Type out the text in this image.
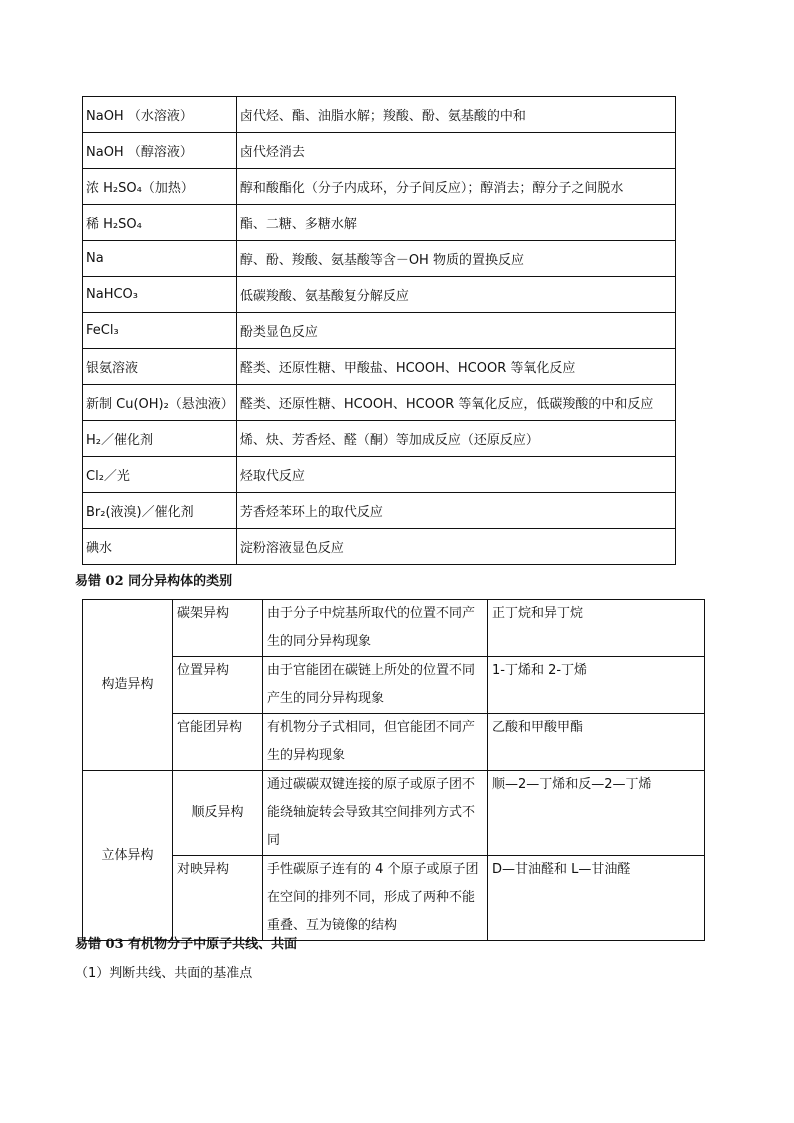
NaOH （水溶液）	卤代烃、酯、油脂水解；羧酸、酚、氨基酸的中和
NaOH （醇溶液）	卤代烃消去
浓 H₂SO₄（加热）	醇和酸酯化（分子内成环，分子间反应）；醇消去；醇分子之间脱水
稀 H₂SO₄	酯、二糖、多糖水解
Na	醇、酚、羧酸、氨基酸等含－OH 物质的置换反应
NaHCO₃	低碳羧酸、氨基酸复分解反应
FeCl₃	酚类显色反应
银氨溶液	醛类、还原性糖、甲酸盐、HCOOH、HCOOR 等氧化反应
新制 Cu(OH)₂（悬浊液）	醛类、还原性糖、HCOOH、HCOOR 等氧化反应，低碳羧酸的中和反应
H₂／催化剂	烯、炔、芳香烃、醛（酮）等加成反应（还原反应）
Cl₂／光	烃取代反应
Br₂(液溴)／催化剂	芳香烃苯环上的取代反应
碘水	淀粉溶液显色反应
易错 02 同分异构体的类别
构造异构	碳架异构	由于分子中烷基所取代的位置不同产生的同分异构现象	正丁烷和异丁烷
	位置异构	由于官能团在碳链上所处的位置不同产生的同分异构现象	1-丁烯和 2-丁烯
	官能团异构	有机物分子式相同，但官能团不同产生的异构现象	乙酸和甲酸甲酯
立体异构	顺反异构	通过碳碳双键连接的原子或原子团不能绕轴旋转会导致其空间排列方式不同	顺—2—丁烯和反—2—丁烯
	对映异构	手性碳原子连有的 4 个原子或原子团在空间的排列不同，形成了两种不能重叠、互为镜像的结构	D—甘油醛和 L—甘油醛
易错 03 有机物分子中原子共线、共面
（1）判断共线、共面的基准点
